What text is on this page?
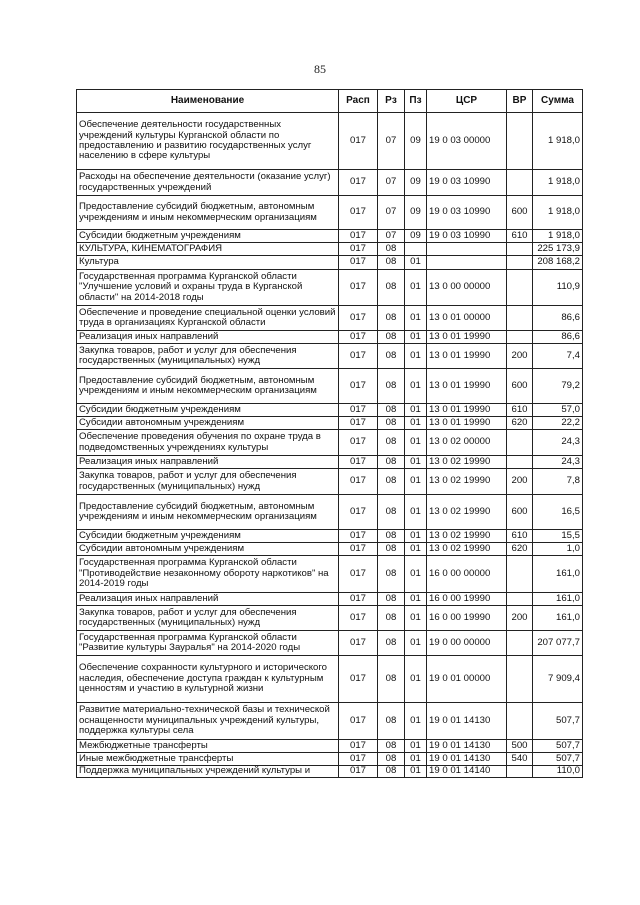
85
Наименование	Расп	Рз	Пз	ЦСР	ВР	Сумма
Обеспечение деятельности государственных учреждений культуры Курганской области по предоставлению и развитию государственных услуг населению в сфере культуры	017	07	09	19 0 03 00000		1 918,0
Расходы на обеспечение деятельности (оказание услуг) государственных учреждений	017	07	09	19 0 03 10990		1 918,0
Предоставление субсидий бюджетным, автономным учреждениям и иным некоммерческим организациям	017	07	09	19 0 03 10990	600	1 918,0
Субсидии бюджетным учреждениям	017	07	09	19 0 03 10990	610	1 918,0
КУЛЬТУРА, КИНЕМАТОГРАФИЯ	017	08				225 173,9
Культура	017	08	01			208 168,2
Государственная программа Курганской области "Улучшение условий и охраны труда в Курганской области" на 2014-2018 годы	017	08	01	13 0 00 00000		110,9
Обеспечение и проведение специальной оценки условий труда в организациях Курганской области	017	08	01	13 0 01 00000		86,6
Реализация иных направлений	017	08	01	13 0 01 19990		86,6
Закупка товаров, работ и услуг для обеспечения государственных (муниципальных) нужд	017	08	01	13 0 01 19990	200	7,4
Предоставление субсидий бюджетным, автономным учреждениям и иным некоммерческим организациям	017	08	01	13 0 01 19990	600	79,2
Субсидии бюджетным учреждениям	017	08	01	13 0 01 19990	610	57,0
Субсидии автономным учреждениям	017	08	01	13 0 01 19990	620	22,2
Обеспечение проведения обучения по охране труда в подведомственных учреждениях культуры	017	08	01	13 0 02 00000		24,3
Реализация иных направлений	017	08	01	13 0 02 19990		24,3
Закупка товаров, работ и услуг для обеспечения государственных (муниципальных) нужд	017	08	01	13 0 02 19990	200	7,8
Предоставление субсидий бюджетным, автономным учреждениям и иным некоммерческим организациям	017	08	01	13 0 02 19990	600	16,5
Субсидии бюджетным учреждениям	017	08	01	13 0 02 19990	610	15,5
Субсидии автономным учреждениям	017	08	01	13 0 02 19990	620	1,0
Государственная программа Курганской области "Противодействие незаконному обороту наркотиков" на 2014-2019 годы	017	08	01	16 0 00 00000		161,0
Реализация иных направлений	017	08	01	16 0 00 19990		161,0
Закупка товаров, работ и услуг для обеспечения государственных (муниципальных) нужд	017	08	01	16 0 00 19990	200	161,0
Государственная программа Курганской области "Развитие культуры Зауралья" на 2014-2020 годы	017	08	01	19 0 00 00000		207 077,7
Обеспечение сохранности культурного и исторического наследия, обеспечение доступа граждан к культурным ценностям и участию в культурной жизни	017	08	01	19 0 01 00000		7 909,4
Развитие материально-технической базы и технической оснащенности муниципальных учреждений культуры, поддержка культуры села	017	08	01	19 0 01 14130		507,7
Межбюджетные трансферты	017	08	01	19 0 01 14130	500	507,7
Иные межбюджетные трансферты	017	08	01	19 0 01 14130	540	507,7
Поддержка муниципальных учреждений культуры и	017	08	01	19 0 01 14140		110,0
